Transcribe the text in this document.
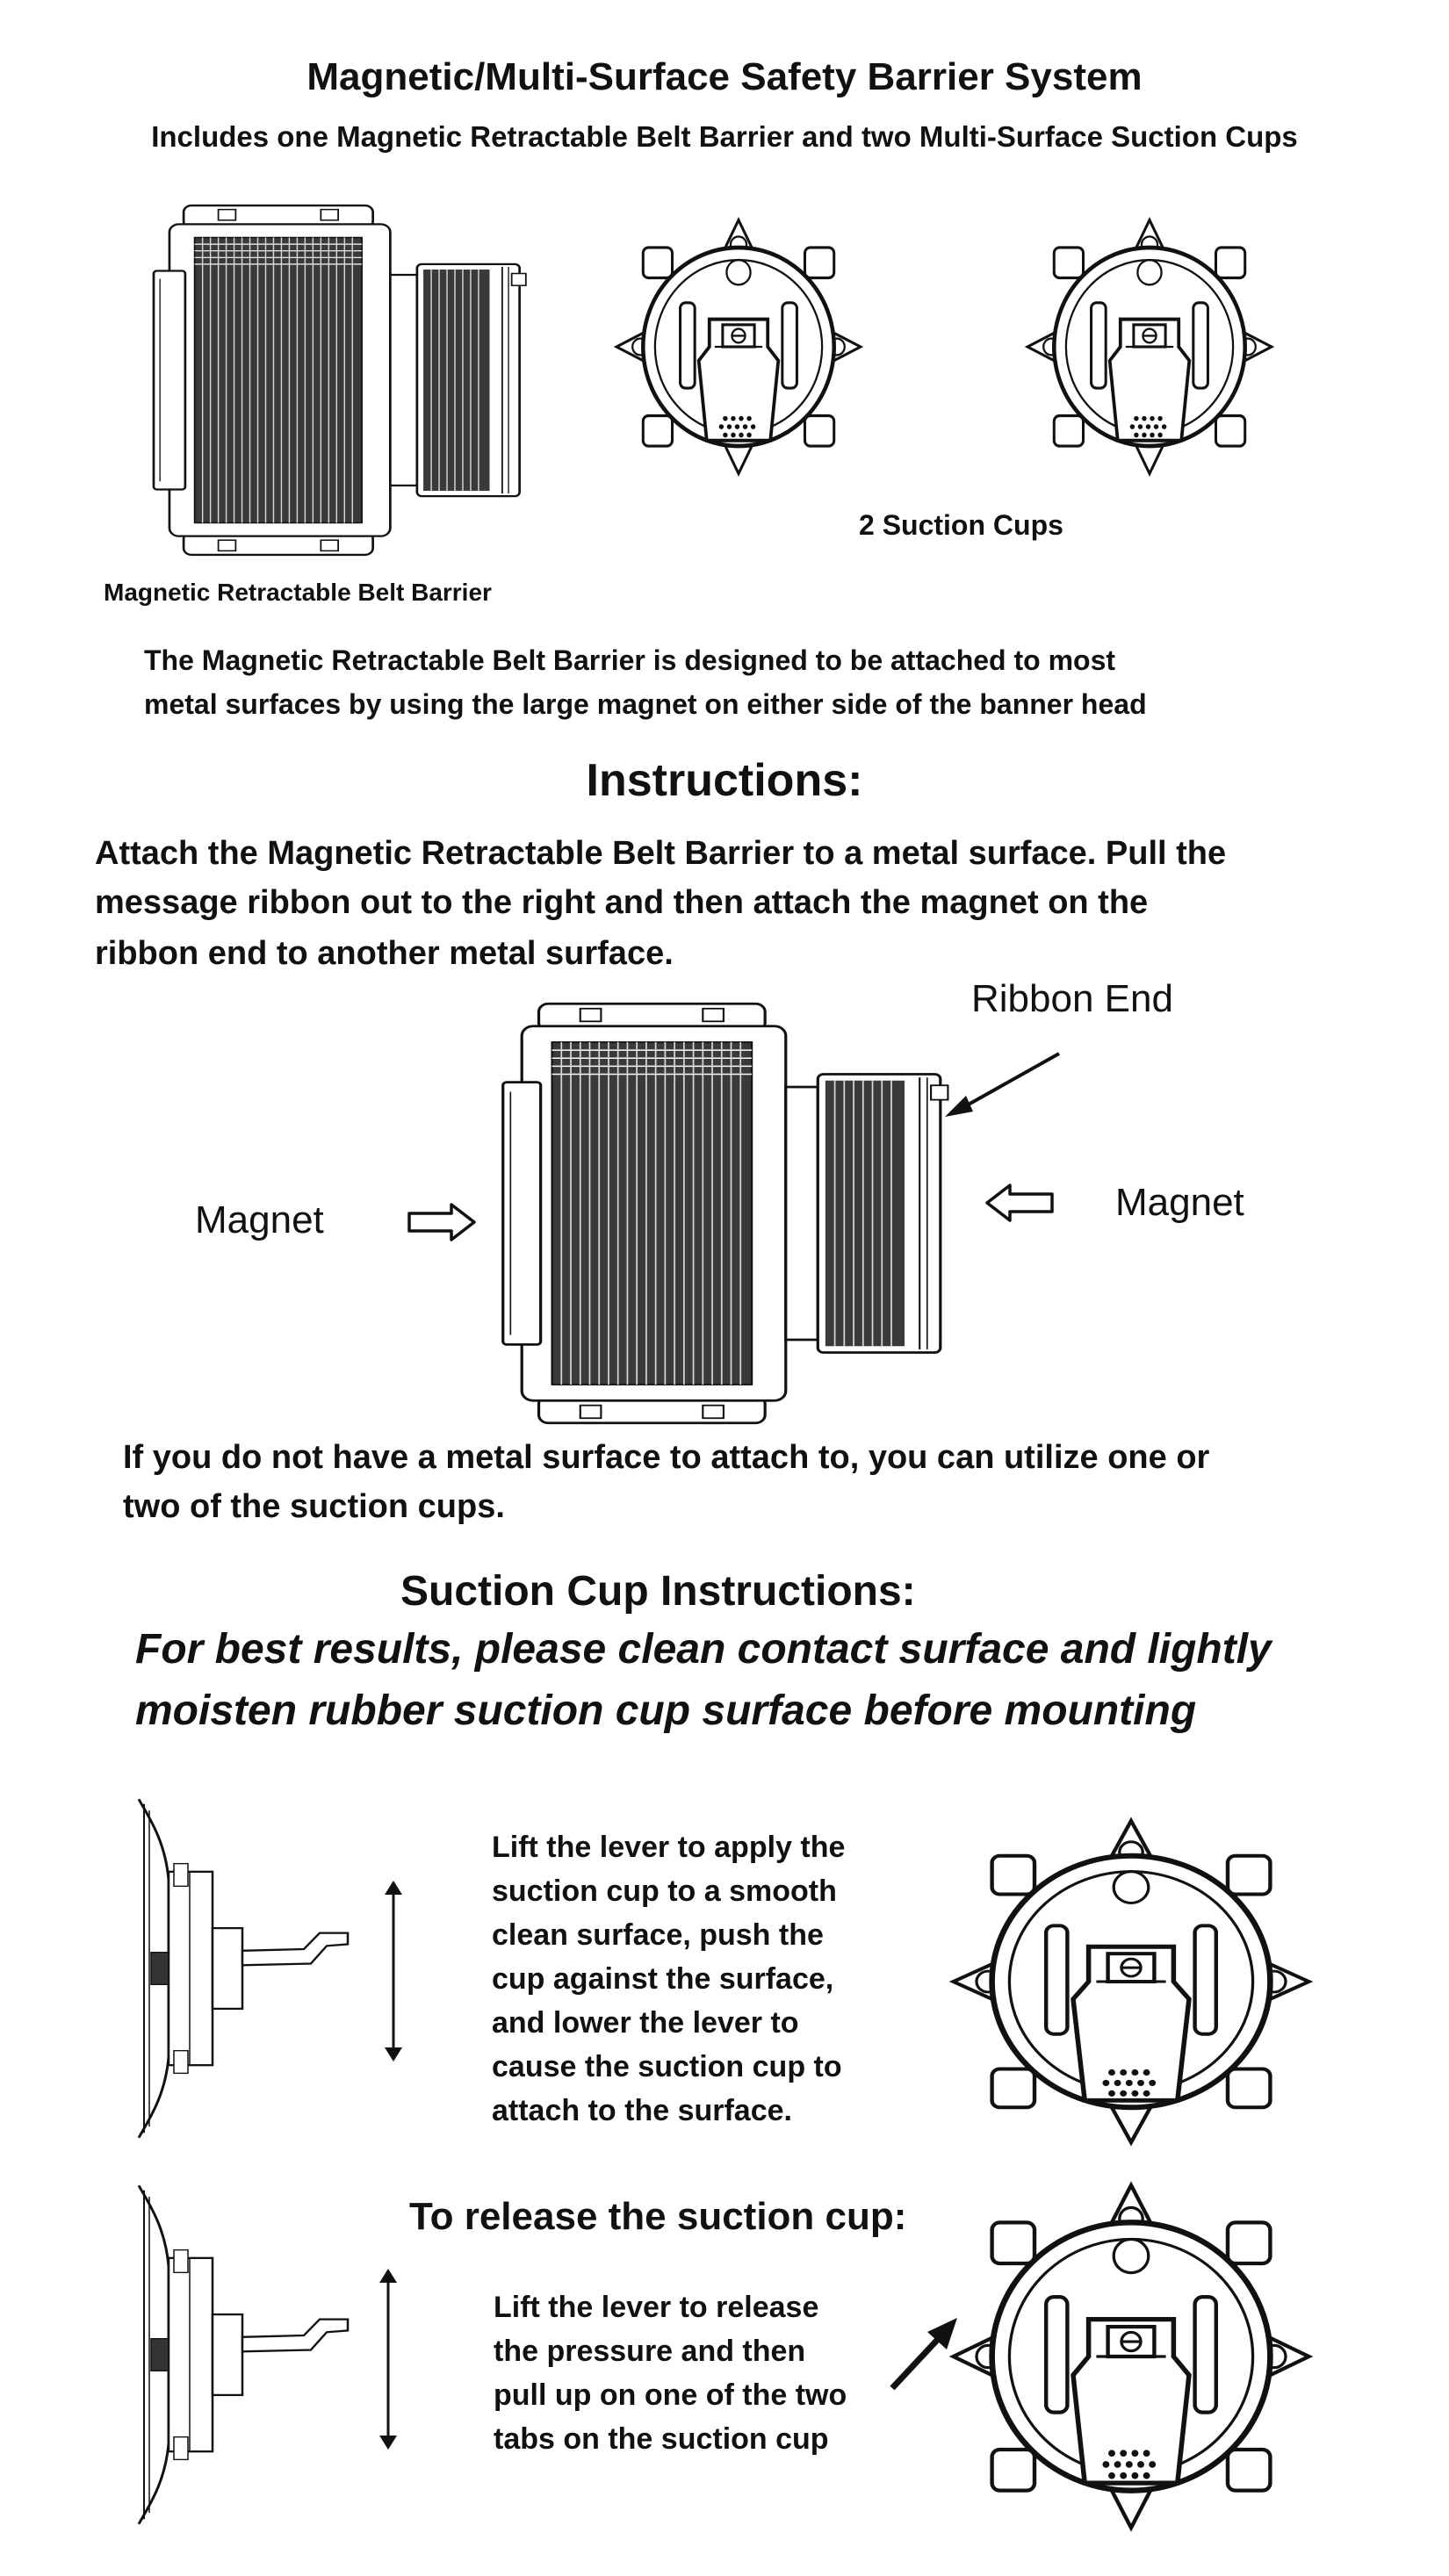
Magnetic/Multi-Surface Safety Barrier System

Includes one Magnetic Retractable Belt Barrier and two Multi-Surface Suction Cups

Magnetic Retractable Belt Barrier

2 Suction Cups

The Magnetic Retractable Belt Barrier is designed to be attached to most

metal surfaces by using the large magnet on either side of the banner head

Instructions:

Attach the Magnetic Retractable Belt Barrier to a metal surface. Pull the

message ribbon out to the right and then attach the magnet on the

ribbon end to another metal surface.

Ribbon End

Magnet	Magnet

If you do not have a metal surface to attach to, you can utilize one or

two of the suction cups.

Suction Cup Instructions:

For best results, please clean contact surface and lightly

moisten rubber suction cup surface before mounting

Lift the lever to apply the

suction cup to a smooth

clean surface, push the

cup against the surface,

and lower the lever to

cause the suction cup to

attach to the surface.

To release the suction cup:

Lift the lever to release

the pressure and then

pull up on one of the two

tabs on the suction cup
